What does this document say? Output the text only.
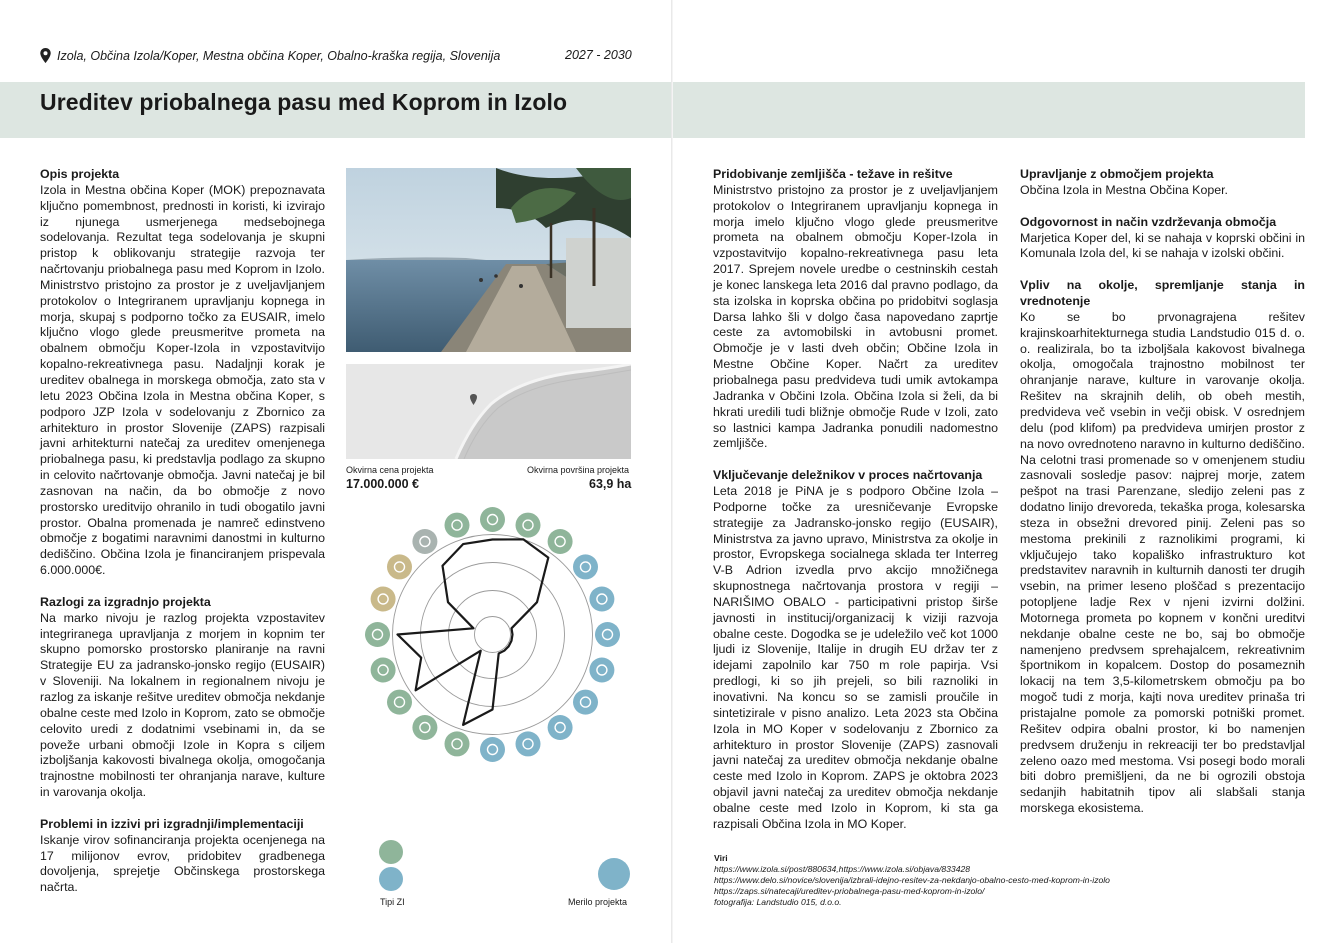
Izola, Občina Izola/Koper, Mestna občina Koper, Obalno-kraška regija, Slovenija	2027 - 2030
Ureditev priobalnega pasu med Koprom in Izolo
Opis projekta

Izola in Mestna občina Koper (MOK) prepoznavata ključno pomembnost, prednosti in koristi, ki izvirajo iz njunega usmerjenega medsebojnega sodelovanja. Rezultat tega sodelovanja je skupni pristop k oblikovanju strategije razvoja ter načrtovanju priobalnega pasu med Koprom in Izolo. Ministrstvo pristojno za prostor je z uveljavljanjem protokolov o Integriranem upravljanju kopnega in morja, skupaj s podporno točko za EUSAIR, imelo ključno vlogo glede preusmeritve prometa na obalnem območju Koper-Izola in vzpostavitvijo kopalno-rekreativnega pasu. Nadaljnji korak je ureditev obalnega in morskega območja, zato sta v letu 2023 Občina Izola in Mestna občina Koper, s podporo JZP Izola v sodelovanju z Zbornico za arhitekturo in prostor Slovenije (ZAPS) razpisali javni arhitekturni natečaj za ureditev omenjenega priobalnega pasu, ki predstavlja podlago za skupno in celovito načrtovanje območja. Javni natečaj je bil zasnovan na način, da bo območje z novo prostorsko ureditvijo ohranilo in tudi obogatilo javni prostor. Obalna promenada je namreč edinstveno območje z bogatimi naravnimi danostmi in kulturno dediščino. Občina Izola je financiranjem prispevala 6.000.000€.

Razlogi za izgradnjo projekta

Na marko nivoju je razlog projekta vzpostavitev integriranega upravljanja z morjem in kopnim ter skupno pomorsko prostorsko planiranje na ravni Strategije EU za jadransko-jonsko regijo (EUSAIR) v Sloveniji. Na lokalnem in regionalnem nivoju je razlog za iskanje rešitve ureditev območja nekdanje obalne ceste med Izolo in Koprom, zato se območje celovito uredi z dodatnimi vsebinami in, da se poveže urbani območji Izole in Kopra s ciljem izboljšanja kakovosti bivalnega okolja, omogočanja trajnostne mobilnosti ter ohranjanja narave, kulture in varovanja okolja.

Problemi in izzivi pri izgradnji/implementaciji

Iskanje virov sofinanciranja projekta ocenjenega na 17 milijonov evrov, pridobitev gradbenega dovoljenja, sprejetje Občinskega prostorskega načrta.

Okvirna cena projekta
17.000.000 €
Okvirna površina projekta
63,9 ha
Tipi ZI	Merilo projekta
Pridobivanje zemljišča - težave in rešitve

Ministrstvo pristojno za prostor je z uveljavljanjem protokolov o Integriranem upravljanju kopnega in morja imelo ključno vlogo glede preusmeritve prometa na obalnem območju Koper-Izola in vzpostavitvijo kopalno-rekreativnega pasu leta 2017. Sprejem novele uredbe o cestninskih cestah je konec lanskega leta 2016 dal pravno podlago, da sta izolska in koprska občina po pridobitvi soglasja Darsa lahko šli v dolgo časa napovedano zaprtje ceste za avtomobilski in avtobusni promet. Območje je v lasti dveh občin; Občine Izola in Mestne Občine Koper. Načrt za ureditev priobalnega pasu predvideva tudi umik avtokampa Jadranka v Občini Izola. Občina Izola si želi, da bi hkrati uredili tudi bližnje območje Rude v Izoli, zato so lastnici kampa Jadranka ponudili nadomestno zemljišče.

Vključevanje deležnikov v proces načrtovanja

Leta 2018 je PiNA je s podporo Občine Izola – Podporne točke za uresničevanje Evropske strategije za Jadransko-jonsko regijo (EUSAIR), Ministrstva za javno upravo, Ministrstva za okolje in prostor, Evropskega socialnega sklada ter Interreg V-B Adrion izvedla prvo akcijo množičnega skupnostnega načrtovanja prostora v regiji – NARIŠIMO OBALO - participativni pristop širše javnosti in institucij/organizacij k viziji razvoja obalne ceste. Dogodka se je udeležilo več kot 1000 ljudi iz Slovenije, Italije in drugih EU držav ter z idejami zapolnilo kar 750 m role papirja. Vsi predlogi, ki so jih prejeli, so bili raznoliki in inovativni. Na koncu so se zamisli proučile in sintetizirale v pisno analizo. Leta 2023 sta Občina Izola in MO Koper v sodelovanju z Zbornico za arhitekturo in prostor Slovenije (ZAPS) zasnovali javni natečaj za ureditev območja nekdanje obalne ceste med Izolo in Koprom. ZAPS je oktobra 2023 objavil javni natečaj za ureditev območja nekdanje obalne ceste med Izolo in Koprom, ki sta ga razpisali Občina Izola in MO Koper.

Upravljanje z območjem projekta

Občina Izola in Mestna Občina Koper.

Odgovornost in način vzdrževanja območja

Marjetica Koper del, ki se nahaja v koprski občini in Komunala Izola del, ki se nahaja v izolski občini.

Vpliv na okolje, spremljanje stanja in vrednotenje

Ko se bo prvonagrajena rešitev krajinskoarhitekturnega studia Landstudio 015 d. o. o. realizirala, bo ta izboljšala kakovost bivalnega okolja, omogočala trajnostno mobilnost ter ohranjanje narave, kulture in varovanje okolja. Rešitev na skrajnih delih, ob obeh mestih, predvideva več vsebin in večji obisk. V osrednjem delu (pod klifom) pa predvideva umirjen prostor z na novo ovrednoteno naravno in kulturno dediščino. Na celotni trasi promenade so v omenjenem studiu zasnovali sosledje pasov: najprej morje, zatem pešpot na trasi Parenzane, sledijo zeleni pas z dodatno linijo drevoreda, tekaška proga, kolesarska steza in obsežni drevored pinij. Zeleni pas so mestoma prekinili z raznolikimi programi, ki vključujejo tako kopališko infrastrukturo kot predstavitev naravnih in kulturnih danosti ter drugih vsebin, na primer leseno ploščad s prezentacijo potopljene ladje Rex v njeni izvirni dolžini. Motornega prometa po kopnem v končni ureditvi nekdanje obalne ceste ne bo, saj bo območje namenjeno predvsem sprehajalcem, rekreativnim športnikom in kopalcem. Dostop do posameznih lokacij na tem 3,5-kilometrskem območju pa bo mogoč tudi z morja, kajti nova ureditev prinaša tri pristajalne pomole za pomorski potniški promet. Rešitev odpira obalni prostor, ki bo namenjen predvsem druženju in rekreaciji ter bo predstavljal zeleno oazo med mestoma. Vsi posegi bodo morali biti dobro premišljeni, da ne bi ogrozili obstoja sedanjih habitatnih tipov ali slabšali stanja morskega ekosistema.

Viri
https://www.izola.si/post/880634,https://www.izola.si/objava/833428
https://www.delo.si/novice/slovenija/izbrali-idejno-resitev-za-nekdanjo-obalno-cesto-med-koprom-in-izolo
https://zaps.si/natecaji/ureditev-priobalnega-pasu-med-koprom-in-izolo/
fotografija: Landstudio 015, d.o.o.
